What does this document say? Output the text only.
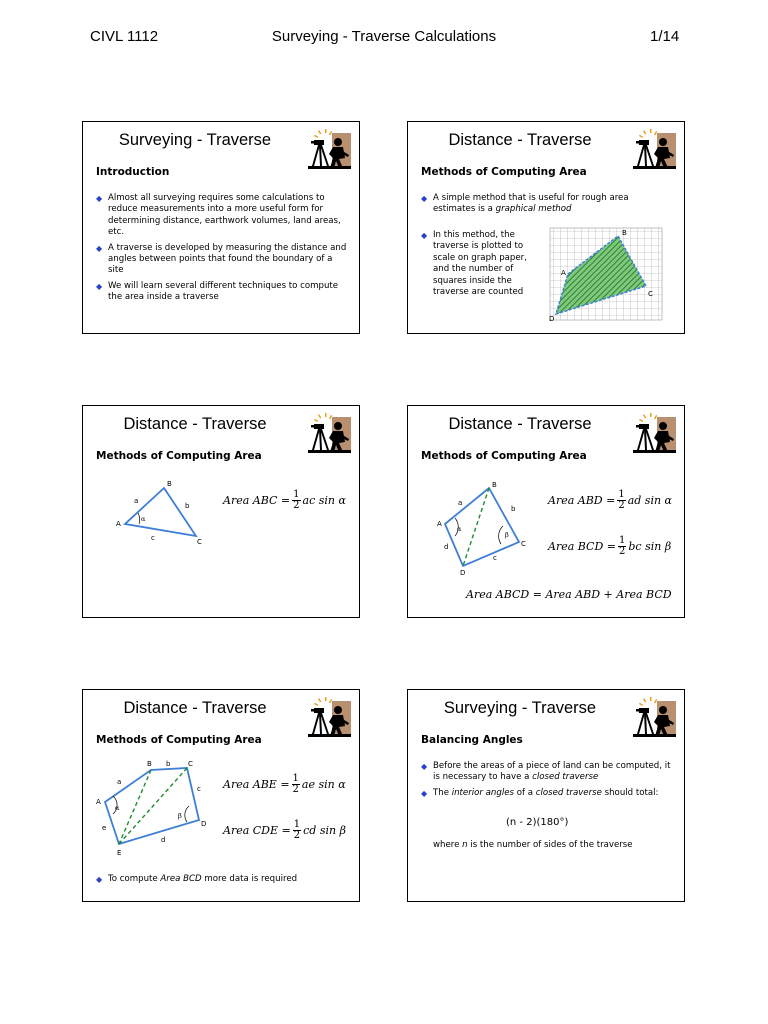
CIVL 1112	Surveying - Traverse Calculations	1/14
Surveying - Traverse
Introduction
◆ Almost all surveying requires some calculations to reduce measurements into a more useful form for determining distance, earthwork volumes, land areas, etc.
◆ A traverse is developed by measuring the distance and angles between points that found the boundary of a site
◆ We will learn several different techniques to compute the area inside a traverse
Distance - Traverse
Methods of Computing Area
◆ A simple method that is useful for rough area estimates is a graphical method
◆ In this method, the traverse is plotted to scale on graph paper, and the number of squares inside the traverse are counted
A
B
C
D
Distance - Traverse
Methods of Computing Area
α
A
B
C
a
b
c
Area ABC = $\frac{1}{2}$ ac sin α
Distance - Traverse
Methods of Computing Area
α
β
A
B
C
D
a
b
c
d
Area ABD = $\frac{1}{2}$ ad sin α
Area BCD = $\frac{1}{2}$ bc sin β
Area ABCD = Area ABD + Area BCD
Distance - Traverse
Methods of Computing Area
α
β
A
B	C
D
E
a
b
c
d
e
Area ABE = $\frac{1}{2}$ ae sin α
Area CDE = $\frac{1}{2}$ cd sin β
◆ To compute Area BCD more data is required
Surveying - Traverse
Balancing Angles
◆ Before the areas of a piece of land can be computed, it is necessary to have a closed traverse
◆ The interior angles of a closed traverse should total:
(n - 2)(180°)
where n is the number of sides of the traverse
